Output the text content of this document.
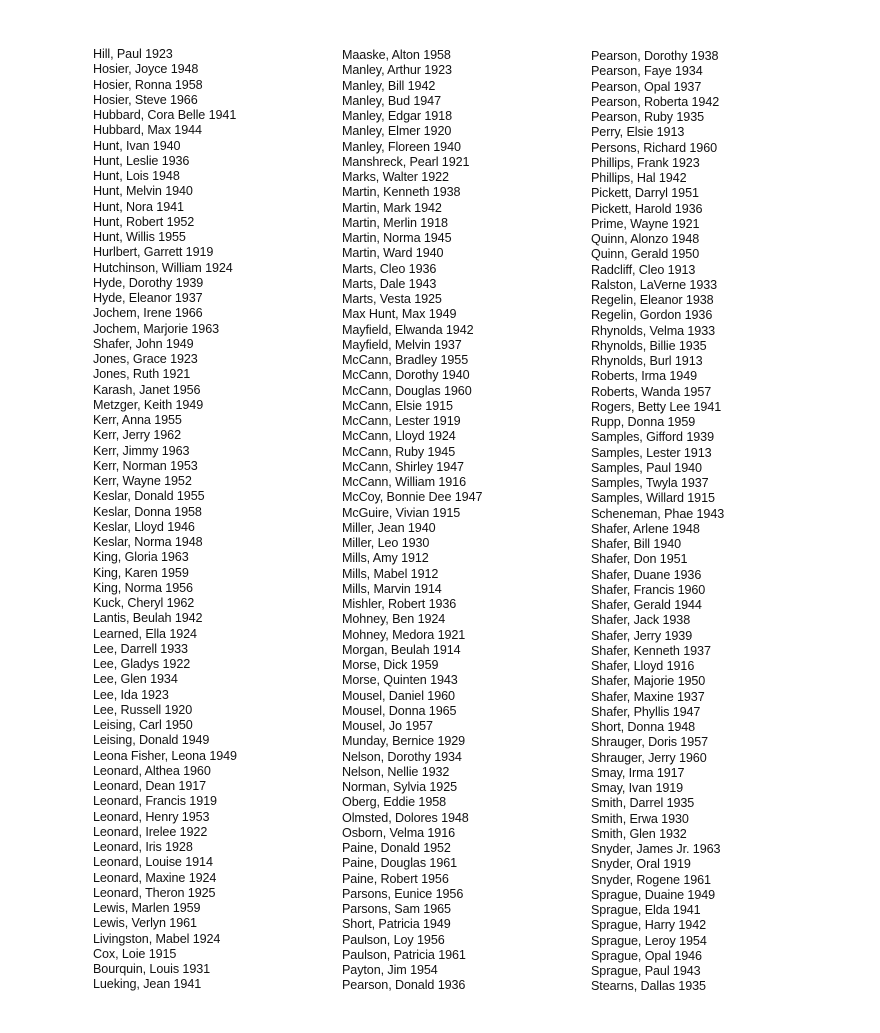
Hill, Paul 1923
Hosier, Joyce 1948
Hosier, Ronna 1958
Hosier, Steve 1966
Hubbard, Cora Belle 1941
Hubbard, Max 1944
Hunt, Ivan 1940
Hunt, Leslie 1936
Hunt, Lois 1948
Hunt, Melvin 1940
Hunt, Nora 1941
Hunt, Robert 1952
Hunt, Willis 1955
Hurlbert, Garrett 1919
Hutchinson, William 1924
Hyde, Dorothy 1939
Hyde, Eleanor 1937
Jochem, Irene 1966
Jochem, Marjorie 1963
Shafer, John 1949
Jones, Grace 1923
Jones, Ruth 1921
Karash, Janet 1956
Metzger, Keith 1949
Kerr, Anna 1955
Kerr, Jerry 1962
Kerr, Jimmy 1963
Kerr, Norman 1953
Kerr, Wayne 1952
Keslar, Donald 1955
Keslar, Donna 1958
Keslar, Lloyd 1946
Keslar, Norma 1948
King, Gloria 1963
King, Karen 1959
King, Norma 1956
Kuck, Cheryl 1962
Lantis, Beulah 1942
Learned, Ella 1924
Lee, Darrell 1933
Lee, Gladys 1922
Lee, Glen 1934
Lee, Ida 1923
Lee, Russell 1920
Leising, Carl 1950
Leising, Donald 1949
Leona Fisher, Leona 1949
Leonard, Althea 1960
Leonard, Dean 1917
Leonard, Francis 1919
Leonard, Henry 1953
Leonard, Irelee 1922
Leonard, Iris 1928
Leonard, Louise 1914
Leonard, Maxine 1924
Leonard, Theron 1925
Lewis, Marlen 1959
Lewis, Verlyn 1961
Livingston, Mabel 1924
Cox, Loie 1915
Bourquin, Louis 1931
Lueking, Jean 1941
Maaske, Alton 1958
Manley, Arthur 1923
Manley, Bill 1942
Manley, Bud 1947
Manley, Edgar 1918
Manley, Elmer 1920
Manley, Floreen 1940
Manshreck, Pearl 1921
Marks, Walter 1922
Martin, Kenneth 1938
Martin, Mark 1942
Martin, Merlin 1918
Martin, Norma 1945
Martin, Ward 1940
Marts, Cleo 1936
Marts, Dale 1943
Marts, Vesta 1925
Max Hunt, Max 1949
Mayfield, Elwanda 1942
Mayfield, Melvin 1937
McCann, Bradley 1955
McCann, Dorothy 1940
McCann, Douglas 1960
McCann, Elsie 1915
McCann, Lester 1919
McCann, Lloyd 1924
McCann, Ruby 1945
McCann, Shirley 1947
McCann, William 1916
McCoy, Bonnie Dee 1947
McGuire, Vivian 1915
Miller, Jean 1940
Miller, Leo 1930
Mills, Amy 1912
Mills, Mabel 1912
Mills, Marvin 1914
Mishler, Robert 1936
Mohney, Ben 1924
Mohney, Medora 1921
Morgan, Beulah 1914
Morse, Dick 1959
Morse, Quinten 1943
Mousel, Daniel 1960
Mousel, Donna 1965
Mousel, Jo 1957
Munday, Bernice 1929
Nelson, Dorothy 1934
Nelson, Nellie 1932
Norman, Sylvia 1925
Oberg, Eddie 1958
Olmsted, Dolores 1948
Osborn, Velma 1916
Paine, Donald 1952
Paine, Douglas 1961
Paine, Robert 1956
Parsons, Eunice 1956
Parsons, Sam 1965
Short, Patricia 1949
Paulson, Loy 1956
Paulson, Patricia 1961
Payton, Jim 1954
Pearson, Donald 1936
Pearson, Dorothy 1938
Pearson, Faye 1934
Pearson, Opal 1937
Pearson, Roberta 1942
Pearson, Ruby 1935
Perry, Elsie 1913
Persons, Richard 1960
Phillips, Frank 1923
Phillips, Hal 1942
Pickett, Darryl 1951
Pickett, Harold 1936
Prime, Wayne 1921
Quinn, Alonzo 1948
Quinn, Gerald 1950
Radcliff, Cleo 1913
Ralston, LaVerne 1933
Regelin, Eleanor 1938
Regelin, Gordon 1936
Rhynolds, Velma 1933
Rhynolds, Billie 1935
Rhynolds, Burl 1913
Roberts, Irma 1949
Roberts, Wanda 1957
Rogers, Betty Lee 1941
Rupp, Donna 1959
Samples, Gifford 1939
Samples, Lester 1913
Samples, Paul 1940
Samples, Twyla 1937
Samples, Willard 1915
Scheneman, Phae 1943
Shafer, Arlene 1948
Shafer, Bill 1940
Shafer, Don 1951
Shafer, Duane 1936
Shafer, Francis 1960
Shafer, Gerald 1944
Shafer, Jack 1938
Shafer, Jerry 1939
Shafer, Kenneth 1937
Shafer, Lloyd 1916
Shafer, Majorie 1950
Shafer, Maxine 1937
Shafer, Phyllis 1947
Short, Donna 1948
Shrauger, Doris 1957
Shrauger, Jerry 1960
Smay, Irma 1917
Smay, Ivan 1919
Smith, Darrel 1935
Smith, Erwa 1930
Smith, Glen 1932
Snyder, James Jr. 1963
Snyder, Oral 1919
Snyder, Rogene 1961
Sprague, Duaine 1949
Sprague, Elda 1941
Sprague, Harry 1942
Sprague, Leroy 1954
Sprague, Opal 1946
Sprague, Paul 1943
Stearns, Dallas 1935
